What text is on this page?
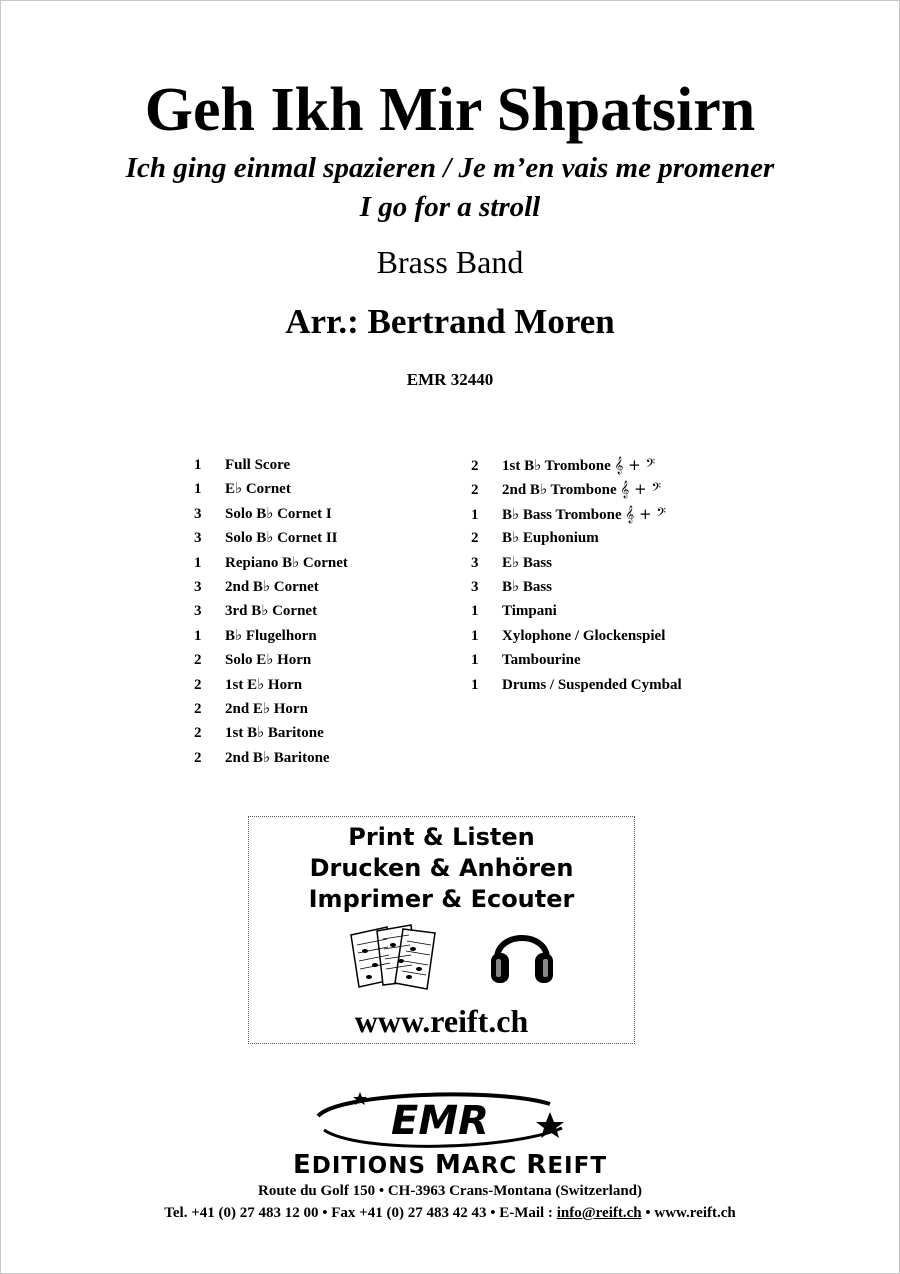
Geh Ikh Mir Shpatsirn
Ich ging einmal spazieren / Je m’en vais me promener
I go for a stroll
Brass Band
Arr.: Bertrand Moren
EMR 32440
1 Full Score
1 E♭ Cornet
3 Solo B♭ Cornet I
3 Solo B♭ Cornet II
1 Repiano B♭ Cornet
3 2nd B♭ Cornet
3 3rd B♭ Cornet
1 B♭ Flugelhorn
2 Solo E♭ Horn
2 1st E♭ Horn
2 2nd E♭ Horn
2 1st B♭ Baritone
2 2nd B♭ Baritone
2 1st B♭ Trombone 𝄞 + 𝄢
2 2nd B♭ Trombone 𝄞 + 𝄢
1 B♭ Bass Trombone 𝄞 + 𝄢
2 B♭ Euphonium
3 E♭ Bass
3 B♭ Bass
1 Timpani
1 Xylophone / Glockenspiel
1 Tambourine
1 Drums / Suspended Cymbal
Print & Listen
Drucken & Anhören
Imprimer & Ecouter
www.reift.ch
EMR
EDITIONS MARC REIFT
Route du Golf 150 • CH-3963 Crans-Montana (Switzerland)
Tel. +41 (0) 27 483 12 00 • Fax +41 (0) 27 483 42 43 • E-Mail : info@reift.ch • www.reift.ch
